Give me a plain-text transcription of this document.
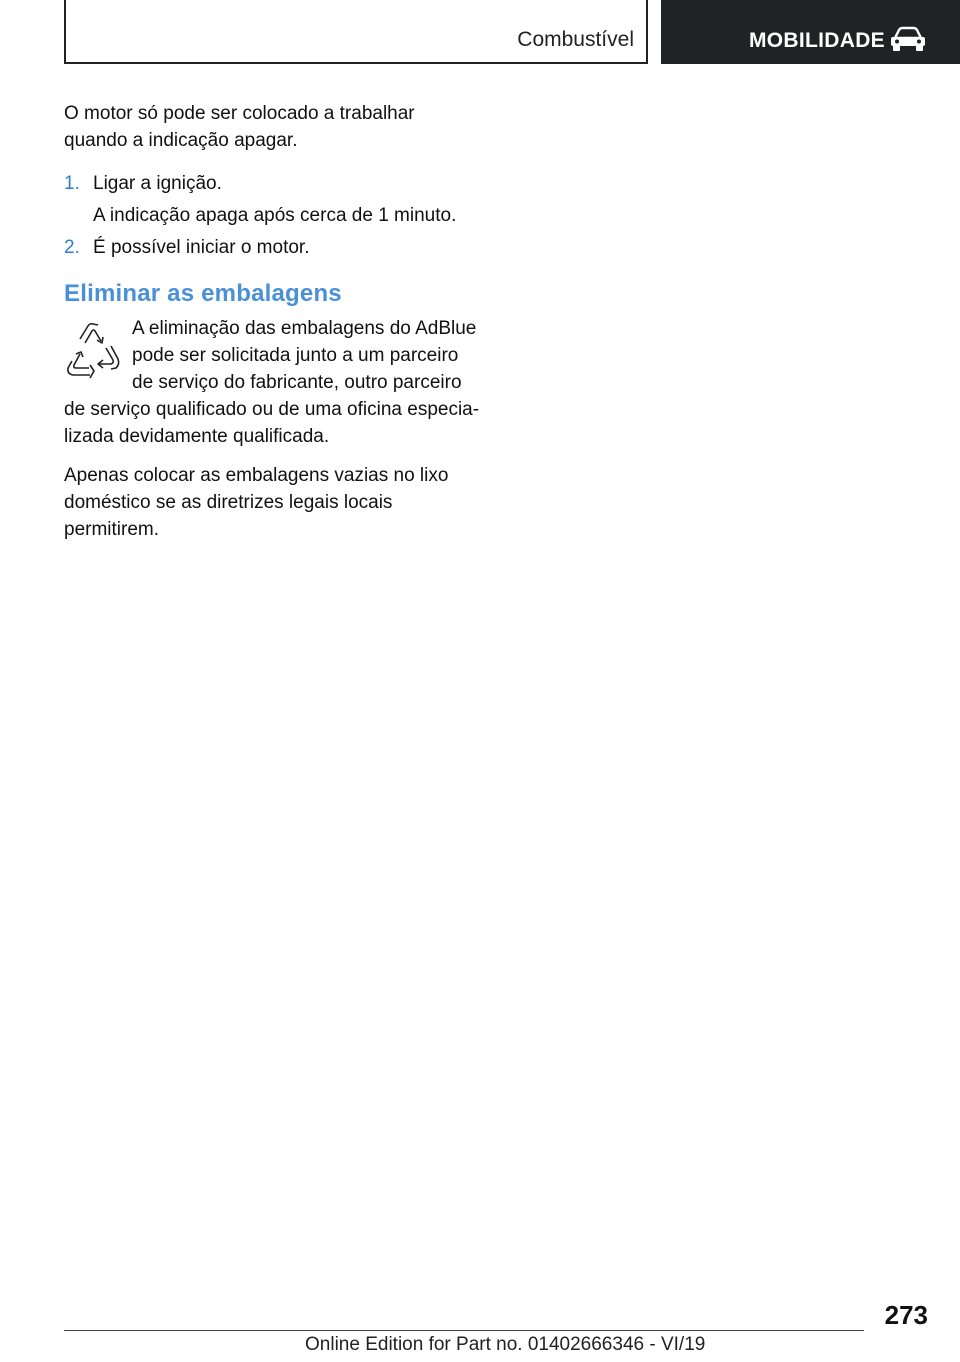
Combustível	MOBILIDADE

O motor só pode ser colocado a trabalhar quando a indicação apagar.

1. Ligar a ignição.

A indicação apaga após cerca de 1 minuto.

2. É possível iniciar o motor.
Eliminar as embalagens

A eliminação das embalagens do AdBlue pode ser solicitada junto a um parceiro de serviço do fabricante, outro parceiro de serviço qualificado ou de uma oficina especializada devidamente qualificada.

Apenas colocar as embalagens vazias no lixo doméstico se as diretrizes legais locais permitirem.

273
Online Edition for Part no. 01402666346 - VI/19
